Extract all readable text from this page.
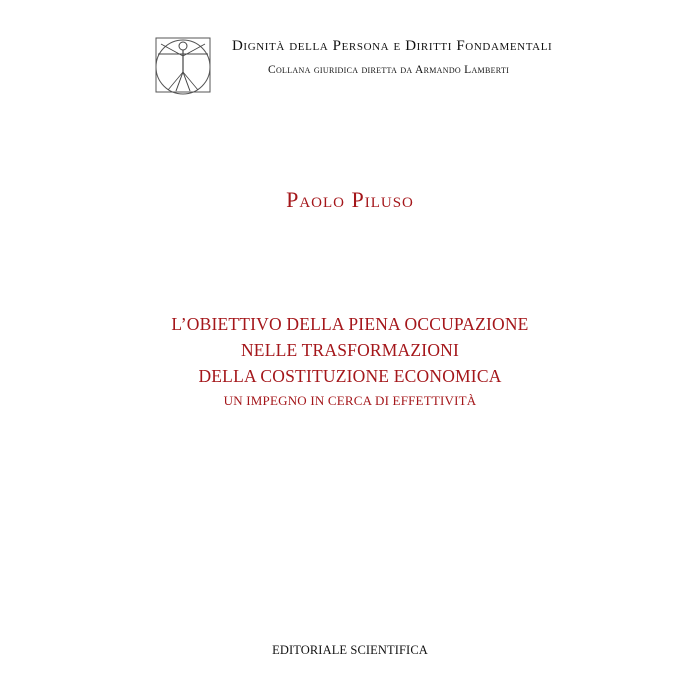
Dignità della Persona e Diritti Fondamentali
Collana giuridica diretta da Armando Lamberti
Paolo Piluso
L’OBIETTIVO DELLA PIENA OCCUPAZIONE
NELLE TRASFORMAZIONI
DELLA COSTITUZIONE ECONOMICA
UN IMPEGNO IN CERCA DI EFFETTIVITÀ
EDITORIALE SCIENTIFICA
